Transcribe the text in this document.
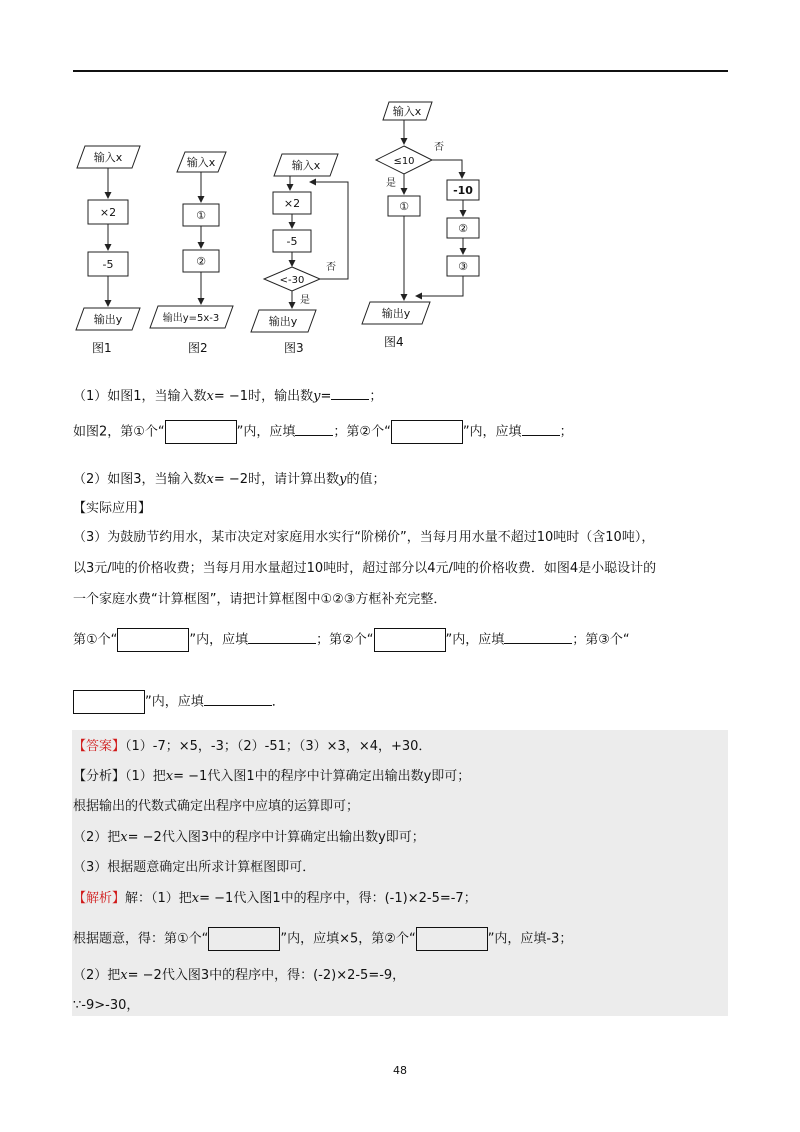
输入x
×2
-5
输出y
图1
输入x
①
②
输出y=5x-3
图2
输入x
×2
-5
<-30
否
是
输出y
图3
输入x
≤10
否
是
①
-10
②
③
输出y
图4
（1）如图1，当输入数x= −1时，输出数y=	；
如图2，第①个“	”内，应填	；第②个“	”内，应填	；
（2）如图3，当输入数x= −2时，请计算出数y的值；
【实际应用】
（3）为鼓励节约用水，某市决定对家庭用水实行“阶梯价”，当每月用水量不超过10吨时（含10吨），
以3元/吨的价格收费；当每月用水量超过10吨时，超过部分以4元/吨的价格收费．如图4是小聪设计的
一个家庭水费“计算框图”，请把计算框图中①②③方框补充完整．
第①个“	”内，应填	；第②个“	”内，应填	；第③个“
”内，应填	．
【答案】（1）-7；×5，-3；（2）-51；（3）×3，×4，+30．
【分析】（1）把x= −1代入图1中的程序中计算确定出输出数y即可；
根据输出的代数式确定出程序中应填的运算即可；
（2）把x= −2代入图3中的程序中计算确定出输出数y即可；
（3）根据题意确定出所求计算框图即可．
【解析】解：（1）把x= −1代入图1中的程序中，得：(-1)×2-5=-7；
根据题意，得：第①个“	”内，应填×5，第②个“	”内，应填-3；
（2）把x= −2代入图3中的程序中，得：(-2)×2-5=-9，
∵-9>-30，
48
